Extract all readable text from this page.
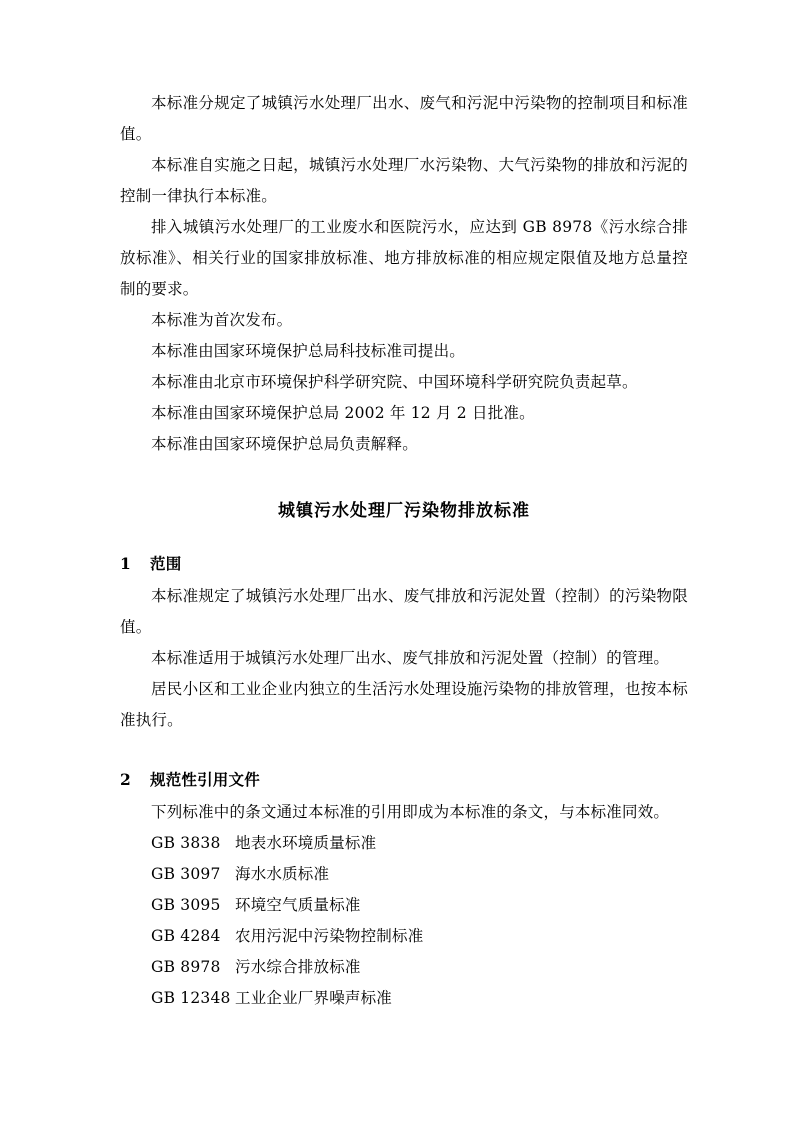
本标准分规定了城镇污水处理厂出水、废气和污泥中污染物的控制项目和标准值。

本标准自实施之日起，城镇污水处理厂水污染物、大气污染物的排放和污泥的控制一律执行本标准。

排入城镇污水处理厂的工业废水和医院污水，应达到 GB 8978《污水综合排放标准》、相关行业的国家排放标准、地方排放标准的相应规定限值及地方总量控制的要求。

本标准为首次发布。

本标准由国家环境保护总局科技标准司提出。

本标准由北京市环境保护科学研究院、中国环境科学研究院负责起草。

本标准由国家环境保护总局 2002 年 12 月 2 日批准。

本标准由国家环境保护总局负责解释。

城镇污水处理厂污染物排放标准
1 范围

本标准规定了城镇污水处理厂出水、废气排放和污泥处置（控制）的污染物限值。

本标准适用于城镇污水处理厂出水、废气排放和污泥处置（控制）的管理。

居民小区和工业企业内独立的生活污水处理设施污染物的排放管理，也按本标准执行。

2 规范性引用文件

下列标准中的条文通过本标准的引用即成为本标准的条文，与本标准同效。

GB 3838 地表水环境质量标准

GB 3097 海水水质标准

GB 3095 环境空气质量标准

GB 4284 农用污泥中污染物控制标准

GB 8978 污水综合排放标准

GB 12348 工业企业厂界噪声标准
